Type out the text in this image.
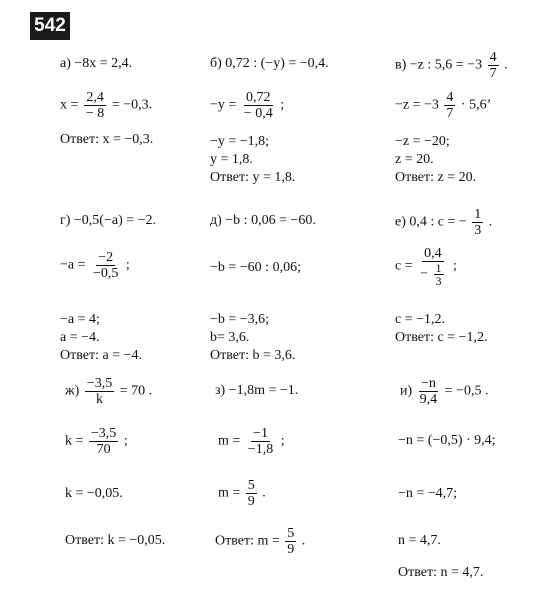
542
а) −8x = 2,4.
$x = \frac{2,4}{- 8} = -0,3$.
Ответ: x = −0,3.
б) 0,72 : (−y) = −0,4.
$-y = \frac{0,72}{- 0,4}$ ;
−y = −1,8;
y = 1,8.
Ответ: y = 1,8.
в) −z : $5,6 = -3 \frac{4}{7}$ .
$-z = -3 \frac{4}{7} \cdot 5,6$’
−z = −20;
z = 20.
Ответ: z = 20.
г) −0,5(−a) = −2.
$-a = \frac{-2}{-0,5}$ ;
−a = 4;
a = −4.
Ответ: a = −4.
д) −b : 0,06 = −60.
−b = −60 : 0,06;
−b = −3,6;
b= 3,6.
Ответ: b = 3,6.
е) 0,4 : c = − $\frac{1}{3}$ .
$c = \frac{0,4}{- \frac{1}{3}}$ ;
c = −1,2.
Ответ: c = −1,2.
$ж) \frac{-3,5}{k} = 70$ .
$k = \frac{-3,5}{70}$ ;
k = −0,05.
Ответ: k = −0,05.
з) −1,8m = −1.
$m = \frac{-1}{-1,8}$ ;
$m = \frac{5}{9}$ .
Ответ: $m = \frac{5}{9}$ .
$и) \frac{-n}{9,4} = -0,5$ .
−n = (−0,5) · 9,4;
−n = −4,7;
n = 4,7.
Ответ: n = 4,7.
